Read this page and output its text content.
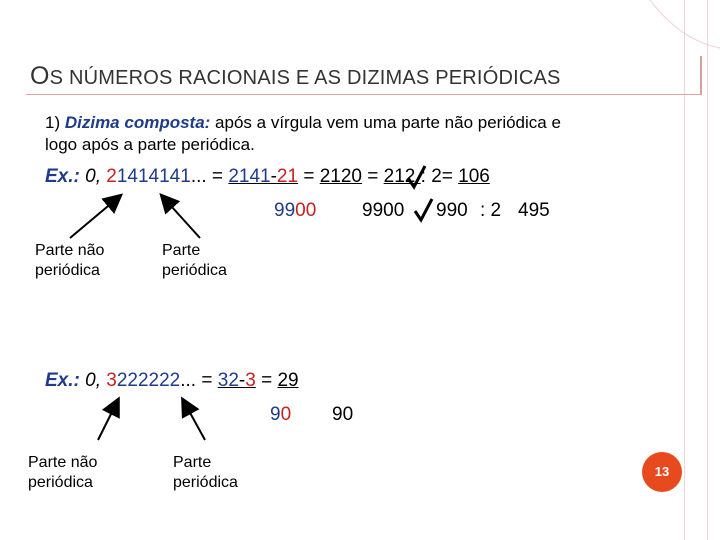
OS NÚMEROS RACIONAIS E AS DIZIMAS PERIÓDICAS
1) Dizima composta: após a vírgula vem uma parte não periódica e
logo após a parte periódica.
Ex.: 0, 21414141... = 2141-21 = 2120 = 212 : 2= 106
9900 9900 990 : 2 495
Parte não
periódica
Parte
periódica
Ex.: 0, 3222222... = 32-3 = 29
90 90
Parte não
periódica
Parte
periódica
13
